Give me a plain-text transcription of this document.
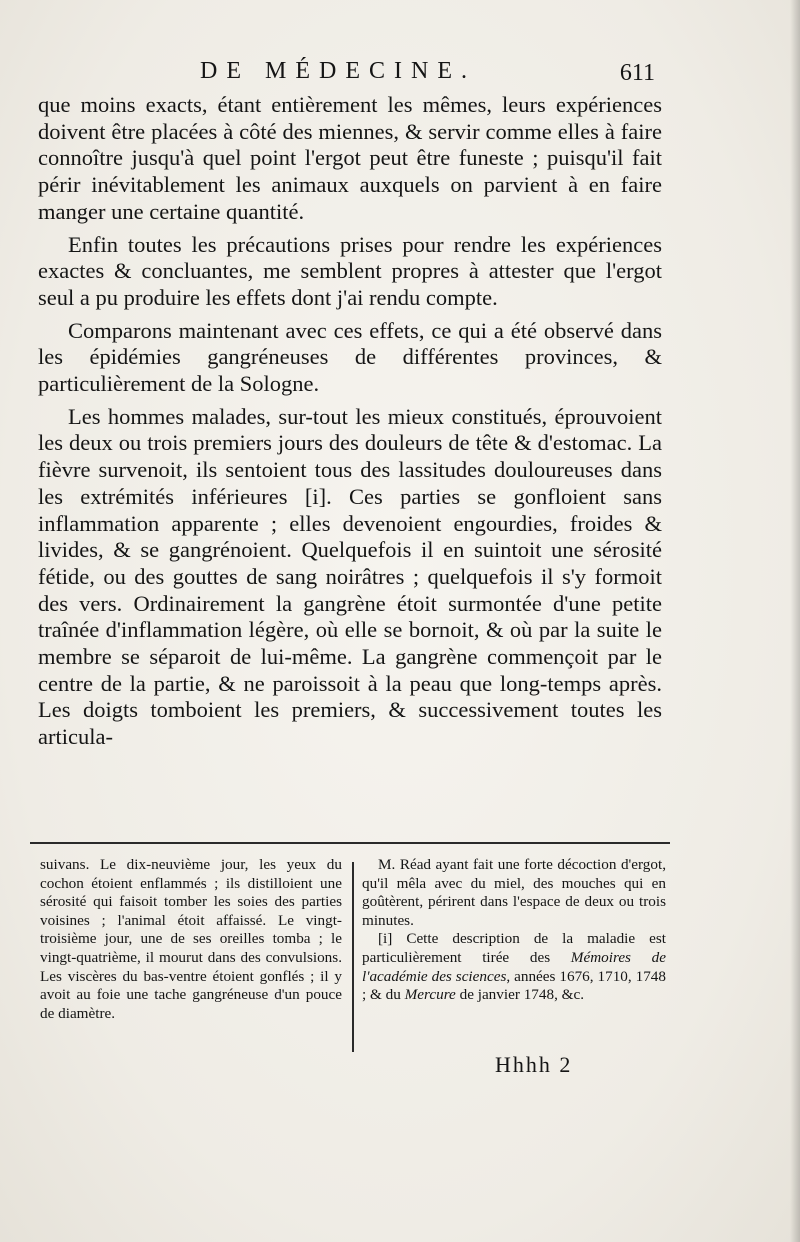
DE MÉDECINE.	611

que moins exacts, étant entièrement les mêmes, leurs expériences doivent être placées à côté des miennes, & servir comme elles à faire connoître jusqu'à quel point l'ergot peut être funeste ; puisqu'il fait périr inévitablement les animaux auxquels on parvient à en faire manger une certaine quantité.

Enfin toutes les précautions prises pour rendre les expériences exactes & concluantes, me semblent propres à attester que l'ergot seul a pu produire les effets dont j'ai rendu compte.

Comparons maintenant avec ces effets, ce qui a été observé dans les épidémies gangréneuses de différentes provinces, & particulièrement de la Sologne.

Les hommes malades, sur-tout les mieux constitués, éprouvoient les deux ou trois premiers jours des douleurs de tête & d'estomac. La fièvre survenoit, ils sentoient tous des lassitudes douloureuses dans les extrémités inférieures [i]. Ces parties se gonfloient sans inflammation apparente ; elles devenoient engourdies, froides & livides, & se gangrénoient. Quelquefois il en suintoit une sérosité fétide, ou des gouttes de sang noirâtres ; quelquefois il s'y formoit des vers. Ordinairement la gangrène étoit surmontée d'une petite traînée d'inflammation légère, où elle se bornoit, & où par la suite le membre se séparoit de lui-même. La gangrène commençoit par le centre de la partie, & ne paroissoit à la peau que long-temps après. Les doigts tomboient les premiers, & successivement toutes les articula-

suivans. Le dix-neuvième jour, les yeux du cochon étoient enflammés ; ils distilloient une sérosité qui faisoit tomber les soies des parties voisines ; l'animal étoit affaissé. Le vingt-troisième jour, une de ses oreilles tomba ; le vingt-quatrième, il mourut dans des convulsions. Les viscères du bas-ventre étoient gonflés ; il y avoit au foie une tache gangréneuse d'un pouce de diamètre.

M. Réad ayant fait une forte décoction d'ergot, qu'il mêla avec du miel, des mouches qui en goûtèrent, périrent dans l'espace de deux ou trois minutes.

[i] Cette description de la maladie est particulièrement tirée des Mémoires de l'académie des sciences, années 1676, 1710, 1748 ; & du Mercure de janvier 1748, &c.

Hhhh 2
